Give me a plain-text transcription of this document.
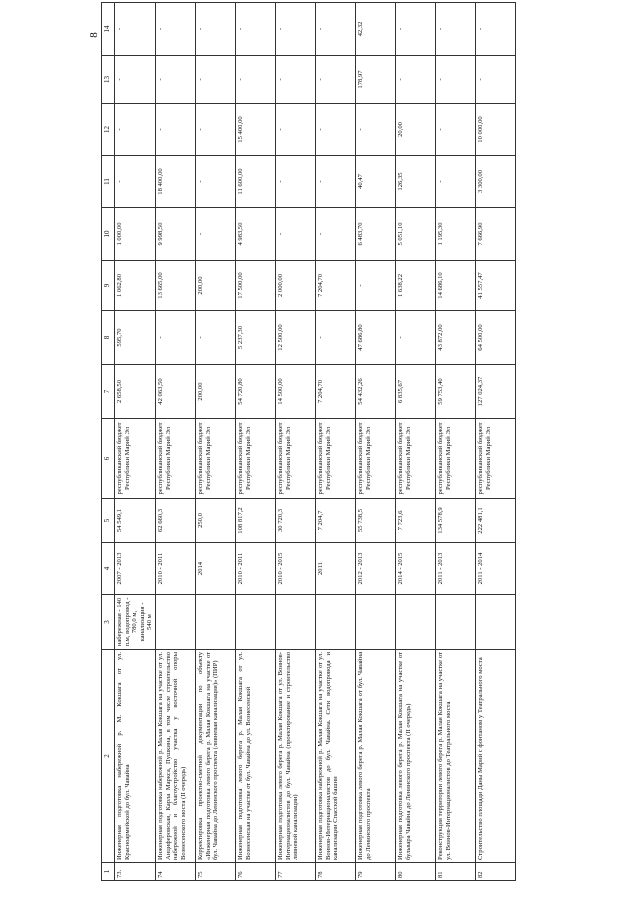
8
1	2	3	4	5	6	7	8	9	10	11	12	13	14
73.	Инженерная подготовка набережной р. М. Кокшага от ул. Красноармейской до бул. Чавайна	набережная - 140 п.м, водопровод - 780,0 м, канализация - 540 м	2007 - 2013	54 549,1	республиканский бюджет Республики Марий Эл	2 658,50	595,70	1 062,80	1 000,00	-	-	-	-
74	Инженерная подготовка набережной р. Малая Кокшага на участке от ул. Анциферовская, Карла Маркса, Пушкина, в том числе строительство набережной и благоустройство участка у восточной опоры Вознесенского моста (II очередь)		2010 - 2011	62 660,3	республиканский бюджет Республики Марий Эл	42 063,50	-	13 665,00	9 998,50	18 400,00	-	-	-
75	Корректировка проектно-сметной документации по объекту «Инженерная подготовка левого берега р. Малая Кокшага на участке от бул. Чавайна до Ленинского проспекта (ливневая канализация)» (ПИР)		2014	250,0	республиканский бюджет Республики Марий Эл	200,00	-	200,00	-	-	-	-	-
76	Инженерная подготовка левого берега р. Малая Кокшага от ул. Вознесенская на участке от бул. Чавайна до ул. Вознесенской		2010 - 2011	108 817,2	республиканский бюджет Республики Марий Эл	54 720,80	5 237,30	17 500,00	4 983,50	11 600,00	15 400,00	-	-
77	Инженерная подготовка левого берега р. Малая Кокшага от ул. Воинов-Интернационалистов до бул. Чавайна (проектирование и строительство ливневой канализации)		2010 - 2015	30 720,3	республиканский бюджет Республики Марий Эл	14 500,00	12 500,00	2 000,00	-	-	-	-	-
78	Инженерная подготовка набережной р. Малая Кокшага на участке от ул. Воинов-Интернационалистов до бул. Чавайна. Сети водопровода и канализации Спасской башни		2011	7 204,7	республиканский бюджет Республики Марий Эл	7 204,70	-	7 204,70	-	-	-	-	-
79	Инженерная подготовка левого берега р. Малая Кокшага от бул. Чавайна до Ленинского проспекта		2012 - 2013	55 738,5	республиканский бюджет Республики Марий Эл	54 432,26	47 686,80	-	6 483,70	40,47	-	178,97	42,32
80	Инженерная подготовка левого берега р. Малая Кокшага на участке от бульвара Чавайна до Ленинского проспекта (II очередь)		2014 - 2015	7 723,6	республиканский бюджет Республики Марий Эл	6 835,67	-	1 638,22	5 051,10	126,35	20,00	-	-
81	Реконструкция территории левого берега р. Малая Кокшага на участке от ул. Воинов-Интернационалистов до Театрального моста		2011 - 2013	134 578,9	республиканский бюджет Республики Марий Эл	59 753,40	43 872,00	14 686,10	1 195,30	-	-	-	-
82	Строительство площади Даны Марий с фонтаном у Театрального моста		2011 - 2014	222 481,1	республиканский бюджет Республики Марий Эл	127 024,37	64 500,00	41 557,47	7 666,90	3 300,00	10 000,00	-	-
